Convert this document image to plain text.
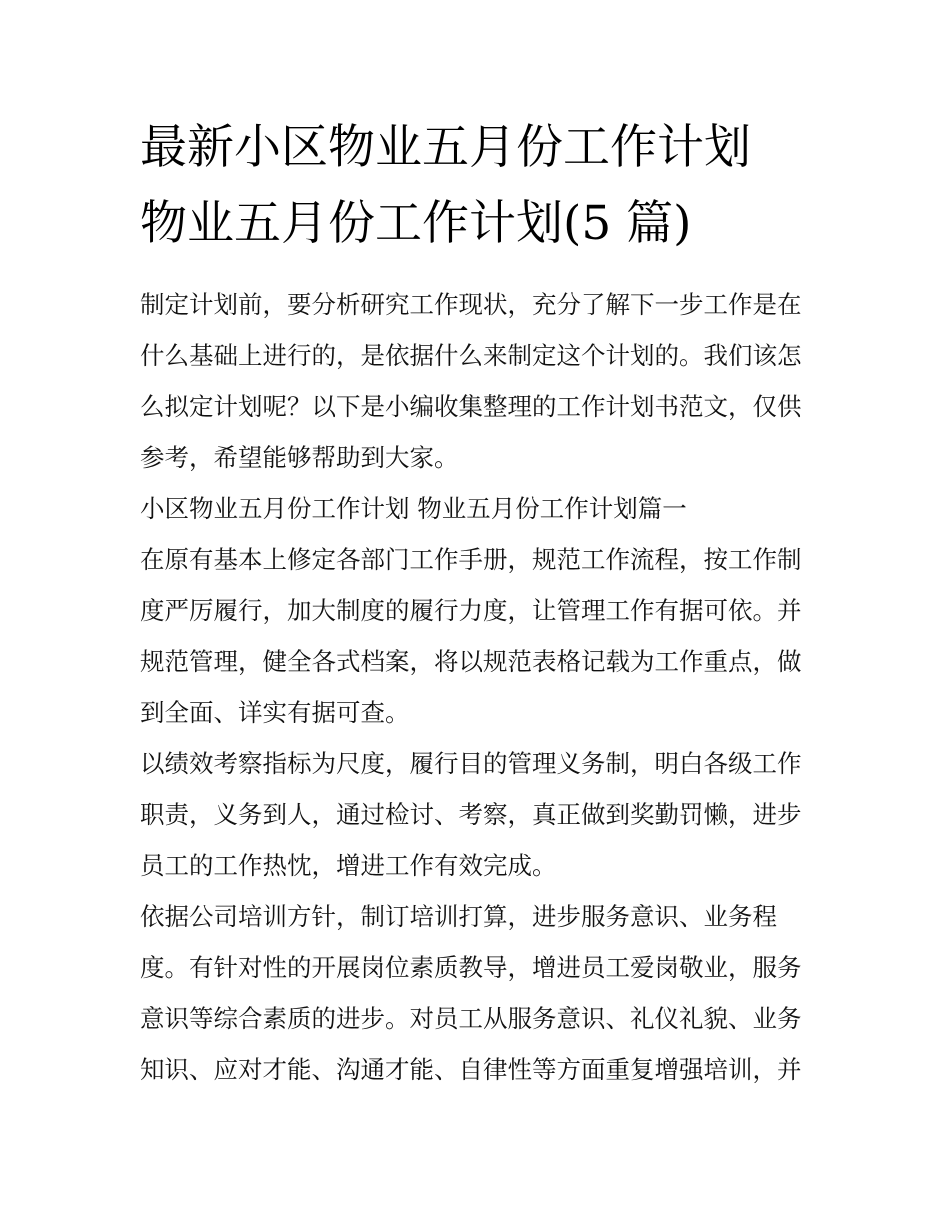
最新小区物业五月份工作计划
物业五月份工作计划(5 篇)

制定计划前，要分析研究工作现状，充分了解下一步工作是在
什么基础上进行的，是依据什么来制定这个计划的。我们该怎
么拟定计划呢？以下是小编收集整理的工作计划书范文，仅供
参考，希望能够帮助到大家。

小区物业五月份工作计划 物业五月份工作计划篇一

在原有基本上修定各部门工作手册，规范工作流程，按工作制
度严厉履行，加大制度的履行力度，让管理工作有据可依。并
规范管理，健全各式档案，将以规范表格记载为工作重点，做
到全面、详实有据可查。

以绩效考察指标为尺度，履行目的管理义务制，明白各级工作
职责，义务到人，通过检讨、考察，真正做到奖勤罚懒，进步
员工的工作热忱，增进工作有效完成。

依据公司培训方针，制订培训打算，进步服务意识、业务程
度。有针对性的开展岗位素质教导，增进员工爱岗敬业，服务
意识等综合素质的进步。对员工从服务意识、礼仪礼貌、业务
知识、应对才能、沟通才能、自律性等方面重复增强培训，并
